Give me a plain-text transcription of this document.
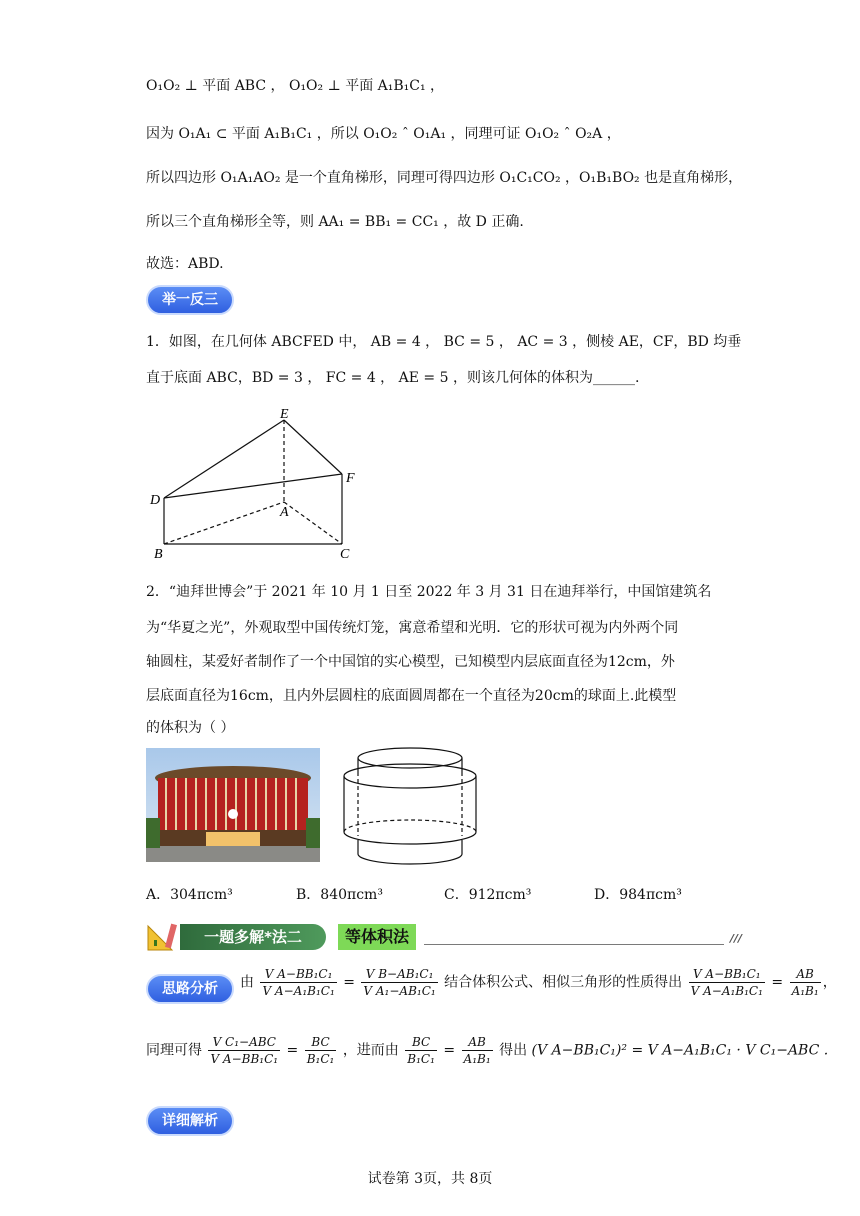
O₁O₂ ⊥ 平面 ABC ， O₁O₂ ⊥ 平面 A₁B₁C₁ ，
因为 O₁A₁ ⊂ 平面 A₁B₁C₁ ，所以 O₁O₂ ˆ O₁A₁ ，同理可证 O₁O₂ ˆ O₂A ，
所以四边形 O₁A₁AO₂ 是一个直角梯形，同理可得四边形 O₁C₁CO₂ ，O₁B₁BO₂ 也是直角梯形，
所以三个直角梯形全等，则 AA₁ = BB₁ = CC₁ ，故 D 正确.
故选：ABD.
举一反三
1．如图，在几何体 ABCFED 中， AB = 4 ， BC = 5 ， AC = 3 ，侧棱 AE，CF，BD 均垂
直于底面 ABC，BD = 3 ， FC = 4 ， AE = 5 ，则该几何体的体积为______.
E
F
D
A
B	C
2．“迪拜世博会”于 2021 年 10 月 1 日至 2022 年 3 月 31 日在迪拜举行，中国馆建筑名
为“华夏之光”，外观取型中国传统灯笼，寓意希望和光明．它的形状可视为内外两个同
轴圆柱，某爱好者制作了一个中国馆的实心模型，已知模型内层底面直径为12cm，外
层底面直径为16cm，且内外层圆柱的底面圆周都在一个直径为20cm的球面上.此模型
的体积为（ ）
A．304πcm³	B．840πcm³	C．912πcm³	D．984πcm³
一题多解*法二	等体积法	///
思路分析	由 $\frac{\text{V A−BB₁C₁}}{\text{V A−A₁B₁C₁}} = \frac{\text{V B−AB₁C₁}}{\text{V A₁−AB₁C₁}}$ 结合体积公式、相似三角形的性质得出 $\frac{\text{V A−BB₁C₁}}{\text{V A−A₁B₁C₁}} = \frac{AB}{\text{A₁B₁}}$ ，
同理可得 $\frac{\text{V C₁−ABC}}{\text{V A−BB₁C₁}} = \frac{BC}{\text{B₁C₁}}$ ，进而由 $\frac{BC}{\text{B₁C₁}} = \frac{AB}{\text{A₁B₁}}$ 得出 (V A−BB₁C₁)² = V A−A₁B₁C₁ · V C₁−ABC .
详细解析
试卷第 3页，共 8页
